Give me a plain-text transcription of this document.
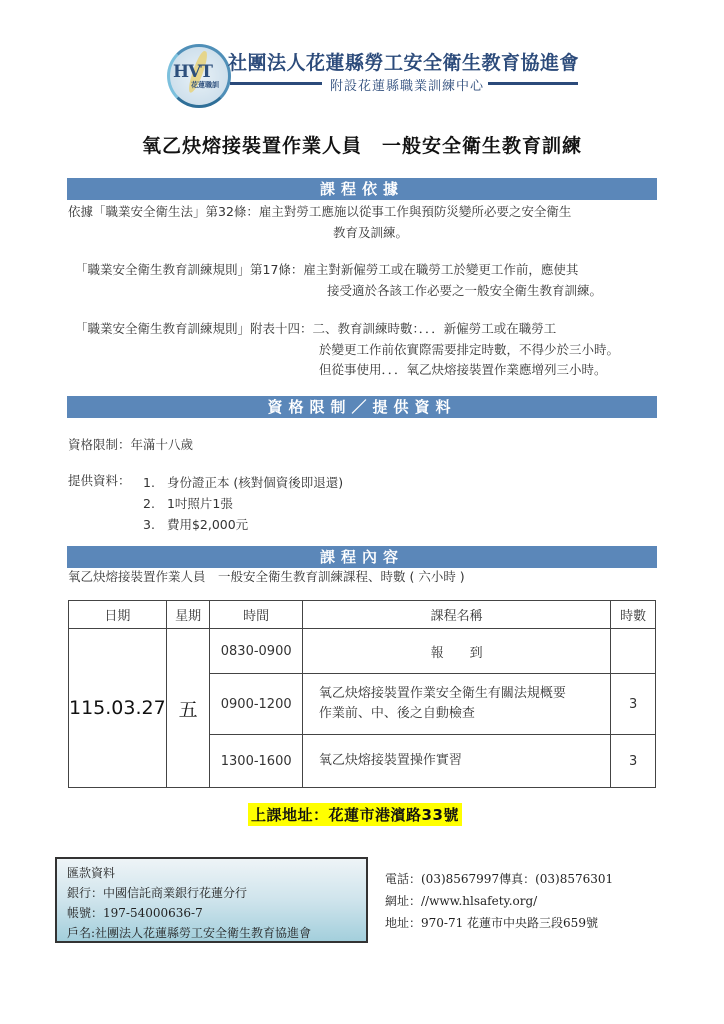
HVT
花蓮職訓
社團法人花蓮縣勞工安全衛生教育協進會
附設花蓮縣職業訓練中心
氧乙炔熔接裝置作業人員　一般安全衛生教育訓練
課程依據
依據「職業安全衛生法」第32條：雇主對勞工應施以從事工作與預防災變所必要之安全衛生
教育及訓練。
「職業安全衛生教育訓練規則」第17條：雇主對新僱勞工或在職勞工於變更工作前，應使其
接受適於各該工作必要之一般安全衛生教育訓練。
「職業安全衛生教育訓練規則」附表十四：二、教育訓練時數：．．．新僱勞工或在職勞工
於變更工作前依實際需要排定時數，不得少於三小時。
但從事使用．．．氧乙炔熔接裝置作業應增列三小時。
資格限制／提供資料
資格限制：年滿十八歲
提供資料： 1. 身份證正本 (核對個資後即退還)
2. 1吋照片1張
3. 費用$2,000元
課程內容
氧乙炔熔接裝置作業人員　一般安全衛生教育訓練課程、時數 ( 六小時 )
日期	星期	時間	課程名稱	時數
115.03.27	五	0830-0900	報　　到	
		0900-1200	氧乙炔熔接裝置作業安全衛生有關法規概要
作業前、中、後之自動檢查	3
		1300-1600	氧乙炔熔接裝置操作實習	3
上課地址：花蓮市港濱路33號
匯款資料
銀行：中國信託商業銀行花蓮分行
帳號：197-54000636-7
戶名:社團法人花蓮縣勞工安全衛生教育協進會
電話：(03)8567997傳真：(03)8576301
網址：//www.hlsafety.org/
地址：970-71 花蓮市中央路三段659號
